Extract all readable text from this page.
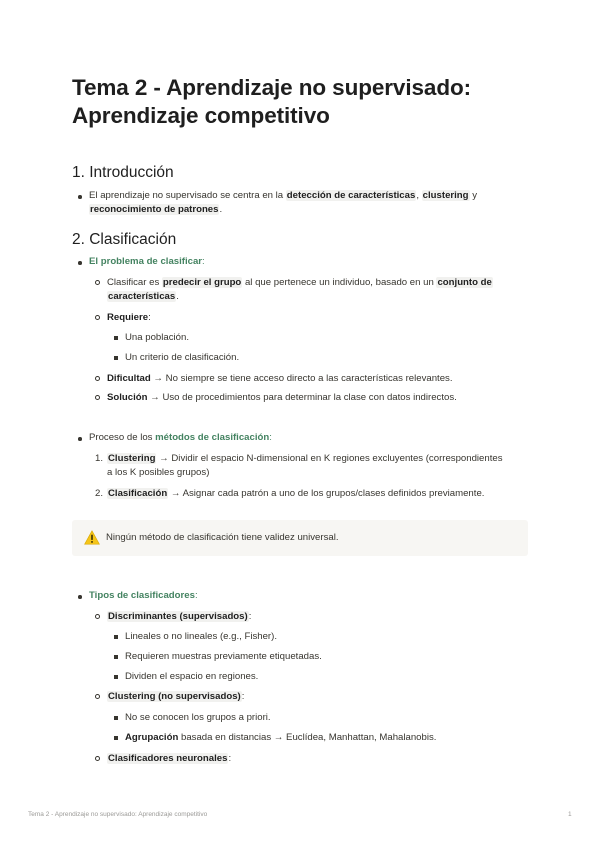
Tema 2 - Aprendizaje no supervisado:
Aprendizaje competitivo
1. Introducción
El aprendizaje no supervisado se centra en la detección de características, clustering y
reconocimiento de patrones.
2. Clasificación
El problema de clasificar:
Clasificar es predecir el grupo al que pertenece un individuo, basado en un conjunto de
características.
Requiere:
Una población.
Un criterio de clasificación.
Dificultad → No siempre se tiene acceso directo a las características relevantes.
Solución → Uso de procedimientos para determinar la clase con datos indirectos.
Proceso de los métodos de clasificación:
1. Clustering → Dividir el espacio N-dimensional en K regiones excluyentes (correspondientes
a los K posibles grupos)
2. Clasificación → Asignar cada patrón a uno de los grupos/clases definidos previamente.
Ningún método de clasificación tiene validez universal.
Tipos de clasificadores:
Discriminantes (supervisados):
Lineales o no lineales (e.g., Fisher).
Requieren muestras previamente etiquetadas.
Dividen el espacio en regiones.
Clustering (no supervisados):
No se conocen los grupos a priori.
Agrupación basada en distancias → Euclídea, Manhattan, Mahalanobis.
Clasificadores neuronales:
Tema 2 - Aprendizaje no supervisado: Aprendizaje competitivo	1
